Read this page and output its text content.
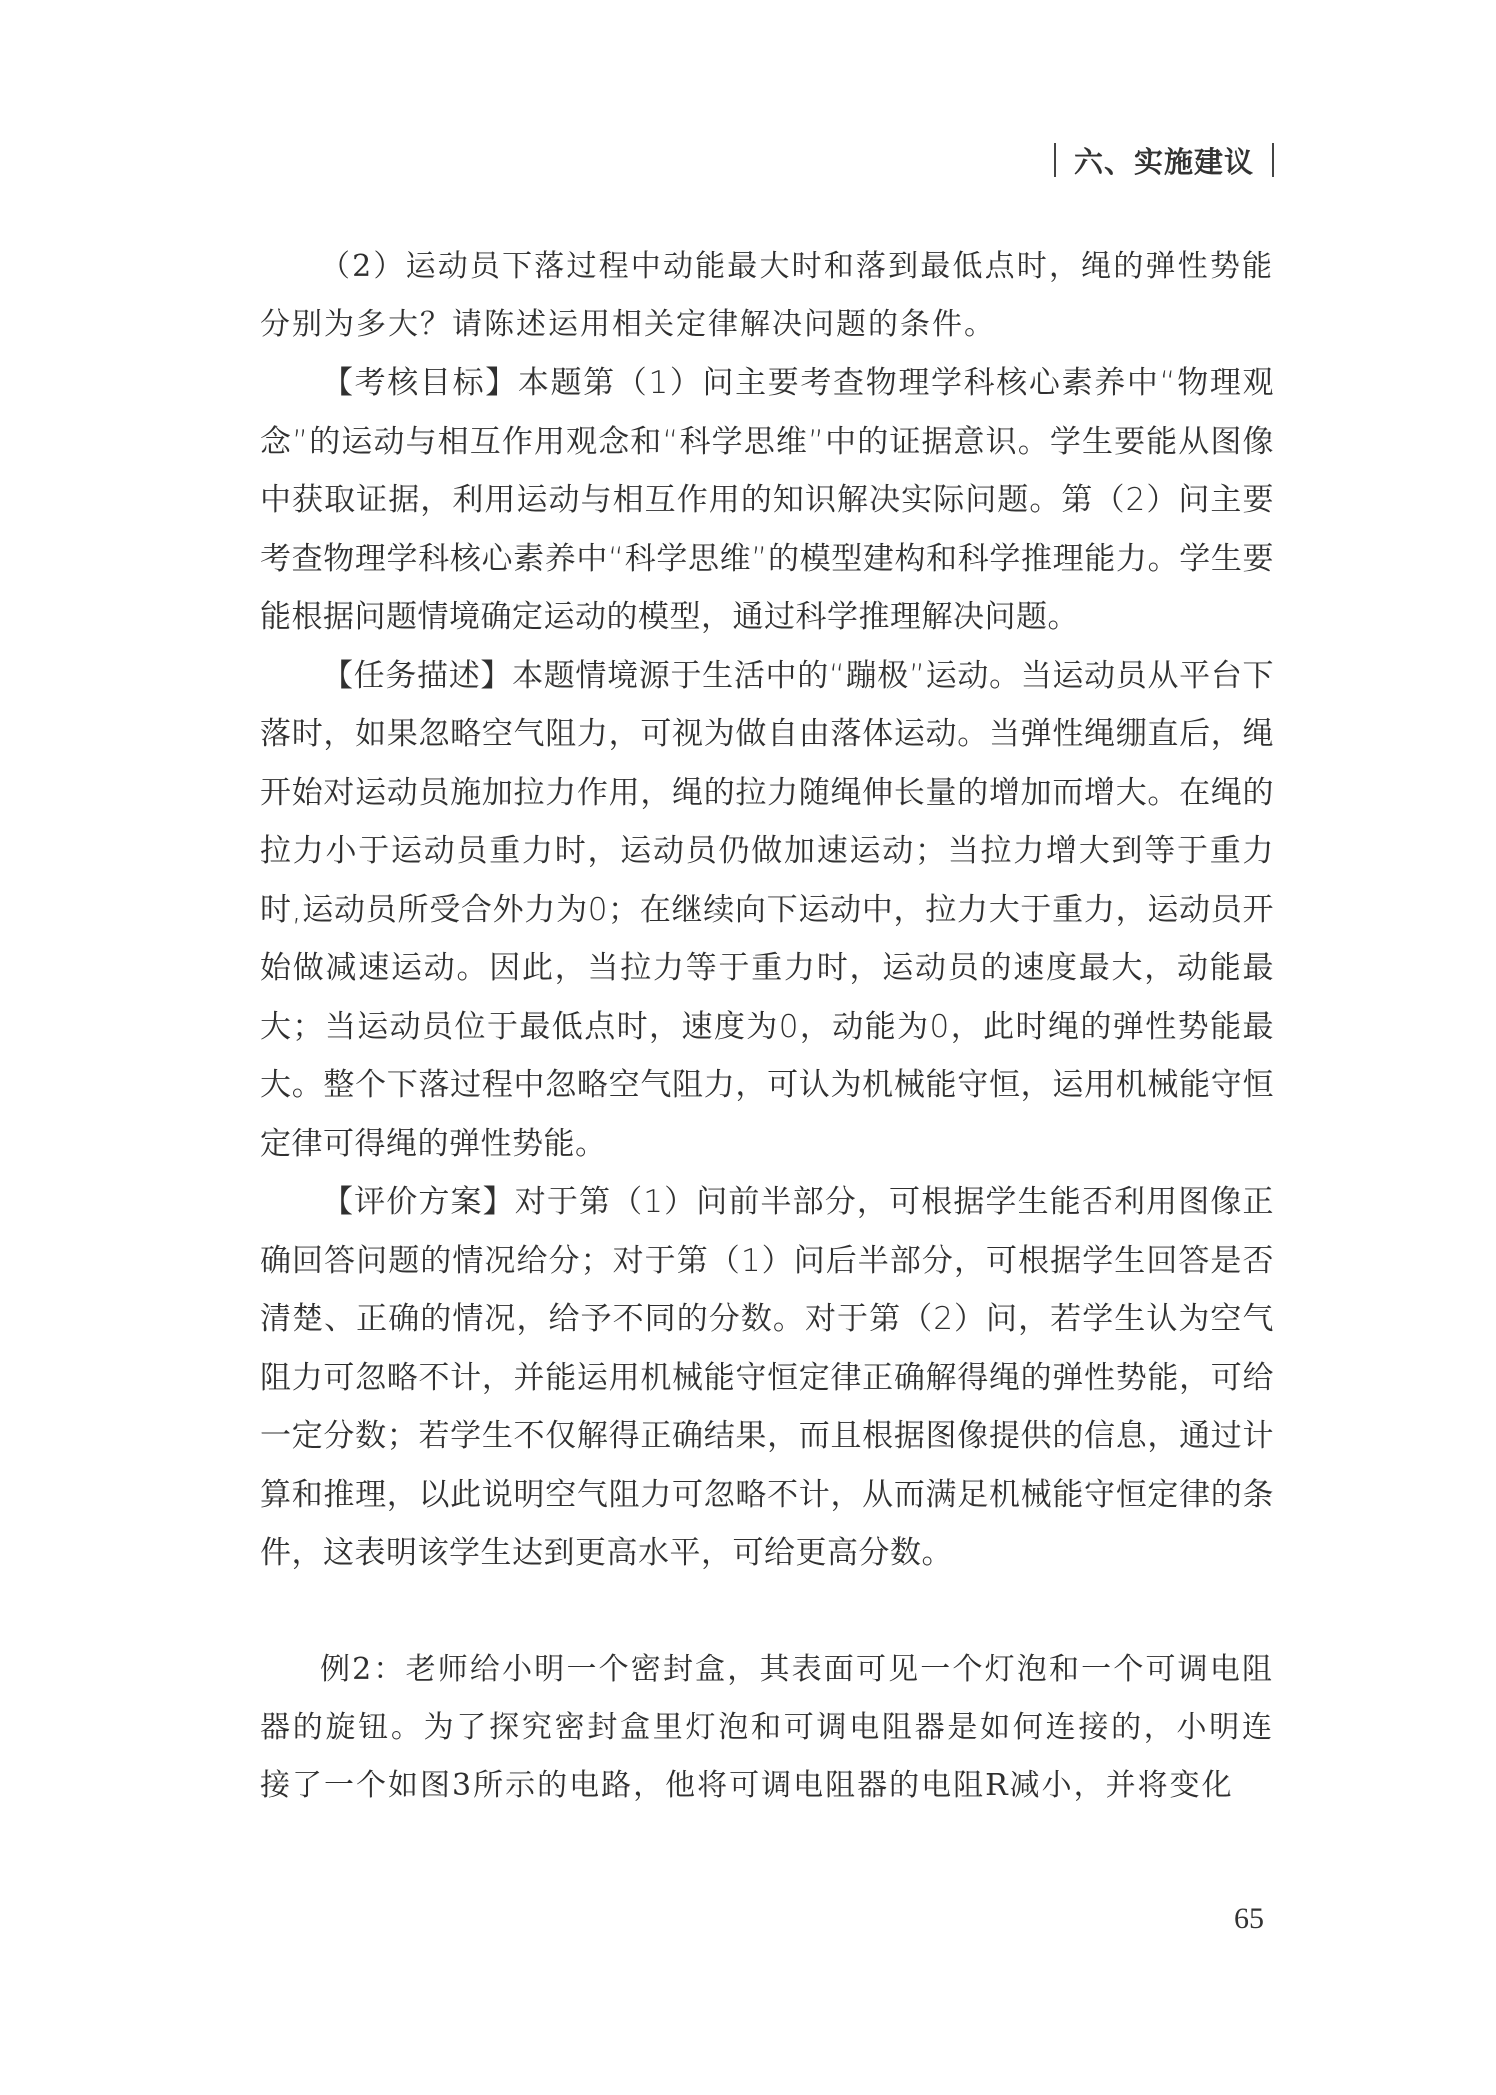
六、实施建议

（2）运动员下落过程中动能最大时和落到最低点时，绳的弹性势能分别为多大？请陈述运用相关定律解决问题的条件。

【考核目标】本题第（1）问主要考查物理学科核心素养中“物理观念”的运动与相互作用观念和“科学思维”中的证据意识。学生要能从图像中获取证据，利用运动与相互作用的知识解决实际问题。第（2）问主要考查物理学科核心素养中“科学思维”的模型建构和科学推理能力。学生要能根据问题情境确定运动的模型，通过科学推理解决问题。

【任务描述】本题情境源于生活中的“蹦极”运动。当运动员从平台下落时，如果忽略空气阻力，可视为做自由落体运动。当弹性绳绷直后，绳开始对运动员施加拉力作用，绳的拉力随绳伸长量的增加而增大。在绳的拉力小于运动员重力时，运动员仍做加速运动；当拉力增大到等于重力时,运动员所受合外力为0；在继续向下运动中，拉力大于重力，运动员开始做减速运动。因此，当拉力等于重力时，运动员的速度最大，动能最大；当运动员位于最低点时，速度为0，动能为0，此时绳的弹性势能最大。整个下落过程中忽略空气阻力，可认为机械能守恒，运用机械能守恒定律可得绳的弹性势能。

【评价方案】对于第（1）问前半部分，可根据学生能否利用图像正确回答问题的情况给分；对于第（1）问后半部分，可根据学生回答是否清楚、正确的情况，给予不同的分数。对于第（2）问，若学生认为空气阻力可忽略不计，并能运用机械能守恒定律正确解得绳的弹性势能，可给一定分数；若学生不仅解得正确结果，而且根据图像提供的信息，通过计算和推理，以此说明空气阻力可忽略不计，从而满足机械能守恒定律的条件，这表明该学生达到更高水平，可给更高分数。

例2：老师给小明一个密封盒，其表面可见一个灯泡和一个可调电阻器的旋钮。为了探究密封盒里灯泡和可调电阻器是如何连接的，小明连接了一个如图3所示的电路，他将可调电阻器的电阻R减小，并将变化

65
